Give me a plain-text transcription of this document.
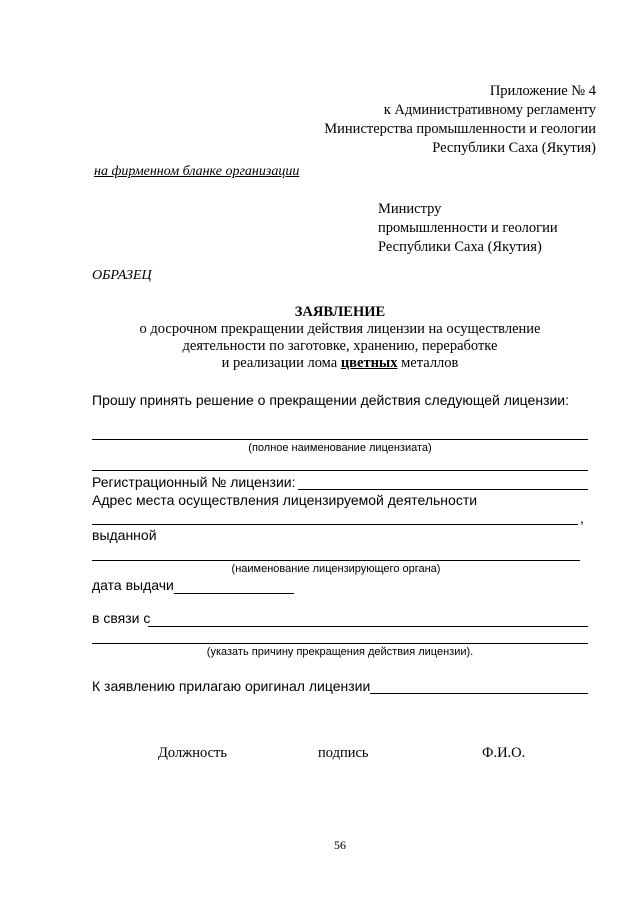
Приложение № 4
к Административному регламенту
Министерства промышленности и геологии
Республики Саха (Якутия)
на фирменном бланке организации
Министру
промышленности и геологии
Республики Саха (Якутия)
ОБРАЗЕЦ
ЗАЯВЛЕНИЕ
о досрочном прекращении действия лицензии на осуществление
деятельности по заготовке, хранению, переработке
и реализации лома цветных металлов
Прошу принять решение о прекращении действия следующей лицензии:
(полное наименование лицензиата)
Регистрационный № лицензии:
Адрес места осуществления лицензируемой деятельности
,
выданной
(наименование лицензирующего органа)
дата выдачи
в связи с
(указать причину прекращения действия лицензии).
К заявлению прилагаю оригинал лицензии
Должность	подпись	Ф.И.О.
56
